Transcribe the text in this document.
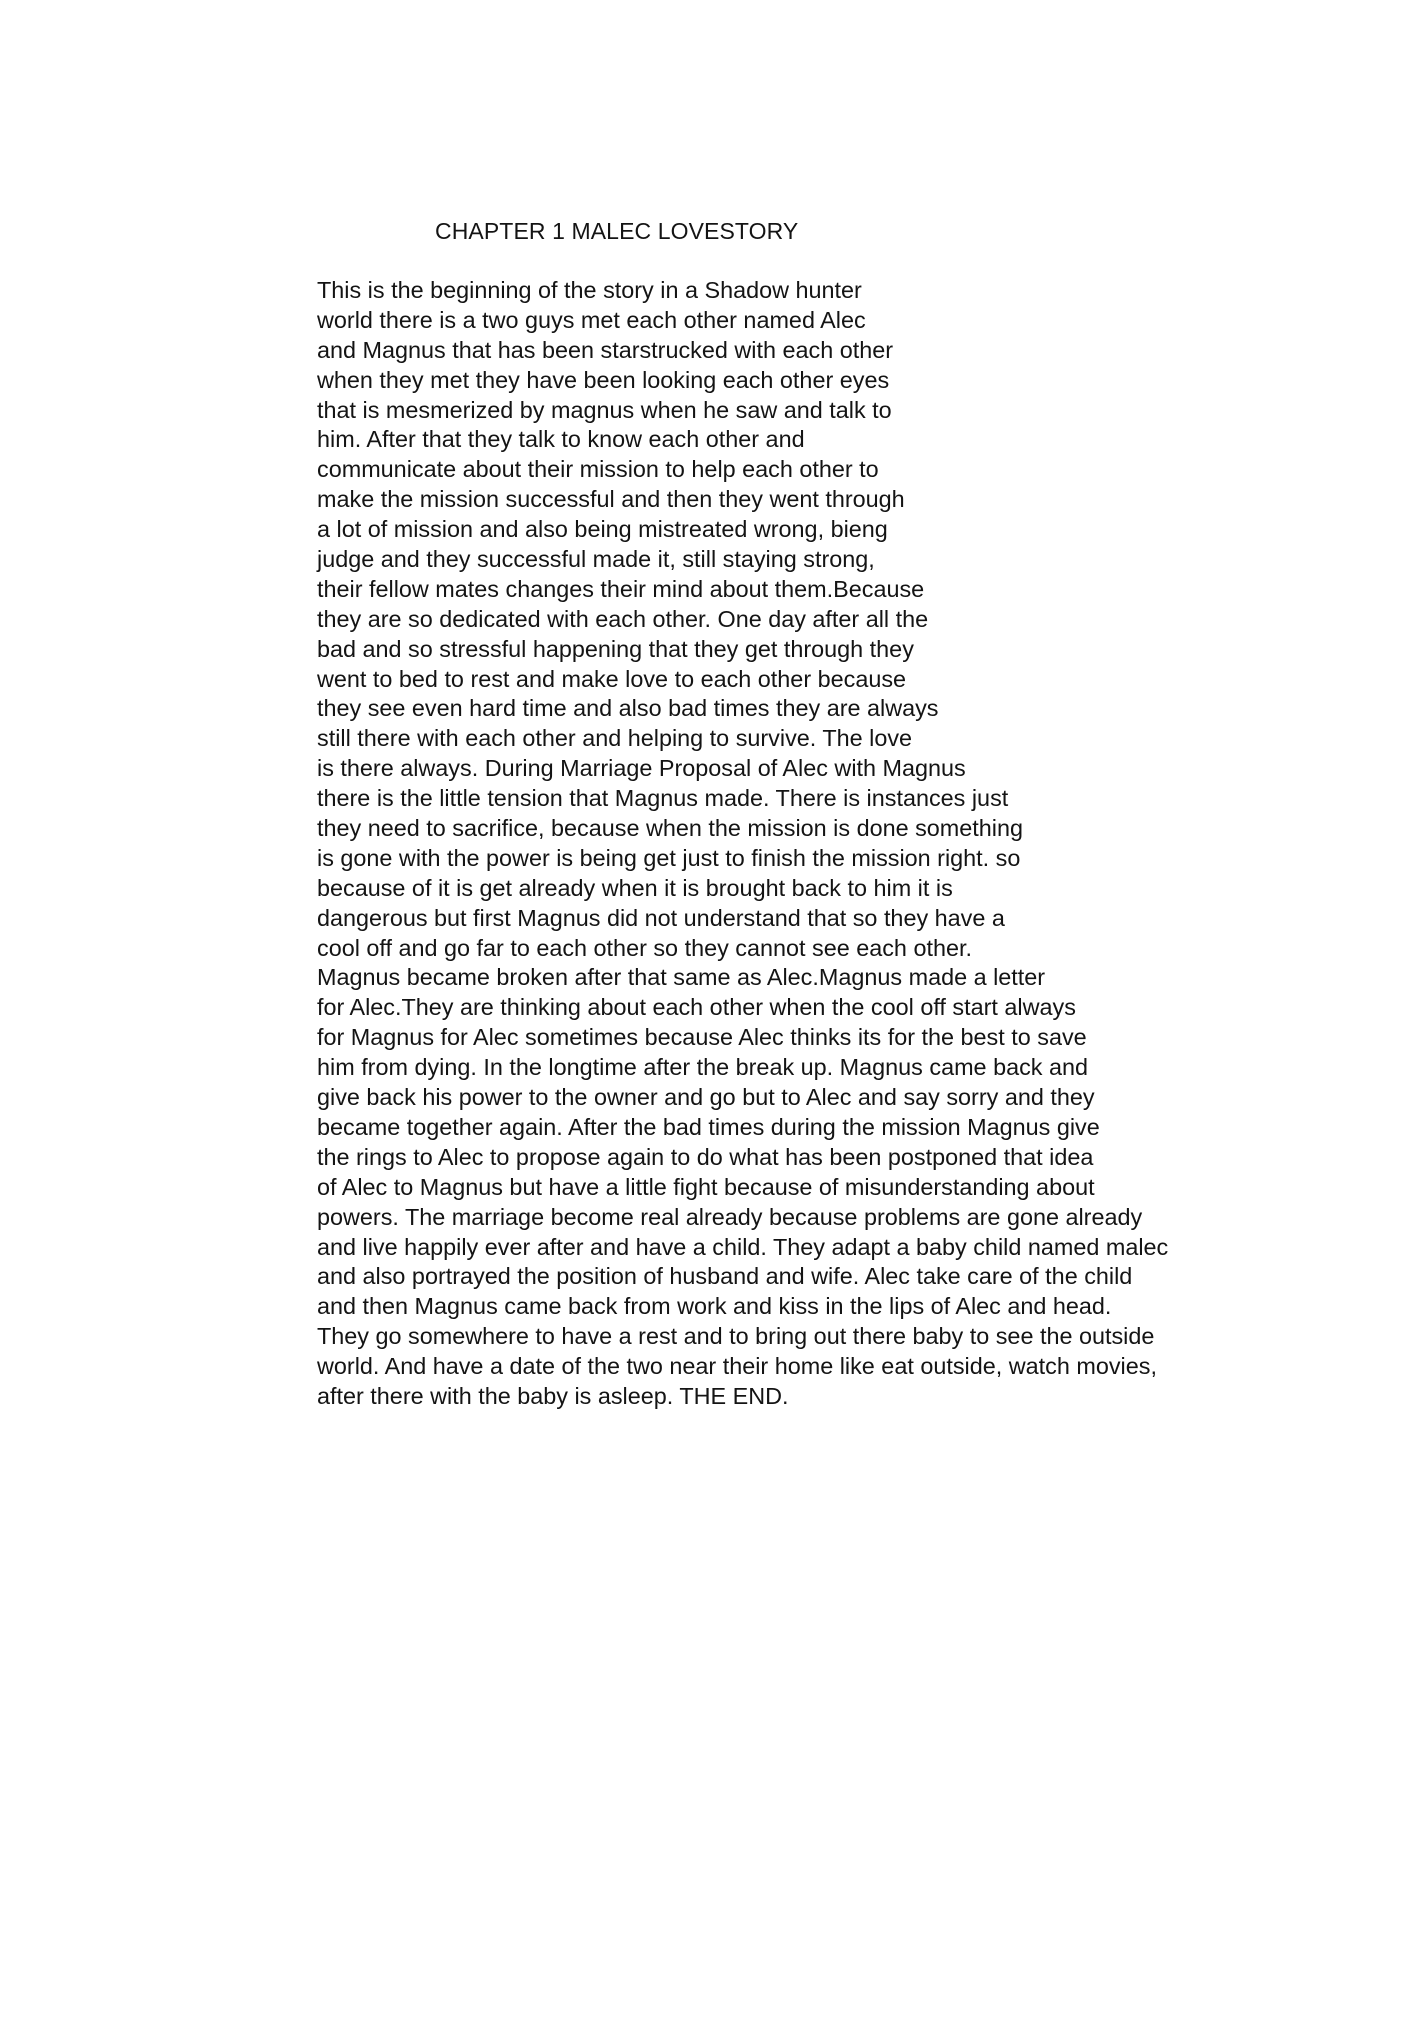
CHAPTER 1 MALEC LOVESTORY
This is the beginning of the story in a Shadow hunter
world there is a two guys met each other named Alec
and Magnus that has been starstrucked with each other
when they met they have been looking each other eyes
that is mesmerized by magnus when he saw and talk to
him. After that they talk to know each other and
communicate about their mission to help each other to
make the mission successful and then they went through
a lot of mission and also being mistreated wrong, bieng
judge and they successful made it, still staying strong,
their fellow mates changes their mind about them.Because
they are so dedicated with each other. One day after all the
bad and so stressful happening that they get through they
went to bed to rest and make love to each other because
they see even hard time and also bad times they are always
still there with each other and helping to survive. The love
is there always. During Marriage Proposal of Alec with Magnus
there is the little tension that Magnus made. There is instances just
they need to sacrifice, because when the mission is done something
is gone with the power is being get just to finish the mission right. so
because of it is get already when it is brought back to him it is
dangerous but first Magnus did not understand that so they have a
cool off and go far to each other so they cannot see each other.
Magnus became broken after that same as Alec.Magnus made a letter
for Alec.They are thinking about each other when the cool off start always
for Magnus for Alec sometimes because Alec thinks its for the best to save
him from dying. In the longtime after the break up. Magnus came back and
give back his power to the owner and go but to Alec and say sorry and they
became together again. After the bad times during the mission Magnus give
the rings to Alec to propose again to do what has been postponed that idea
of Alec to Magnus but have a little fight because of misunderstanding about
powers. The marriage become real already because problems are gone already
and live happily ever after and have a child. They adapt a baby child named malec
and also portrayed the position of husband and wife. Alec take care of the child
and then Magnus came back from work and kiss in the lips of Alec and head.
They go somewhere to have a rest and to bring out there baby to see the outside
world. And have a date of the two near their home like eat outside, watch movies,
after there with the baby is asleep. THE END.
